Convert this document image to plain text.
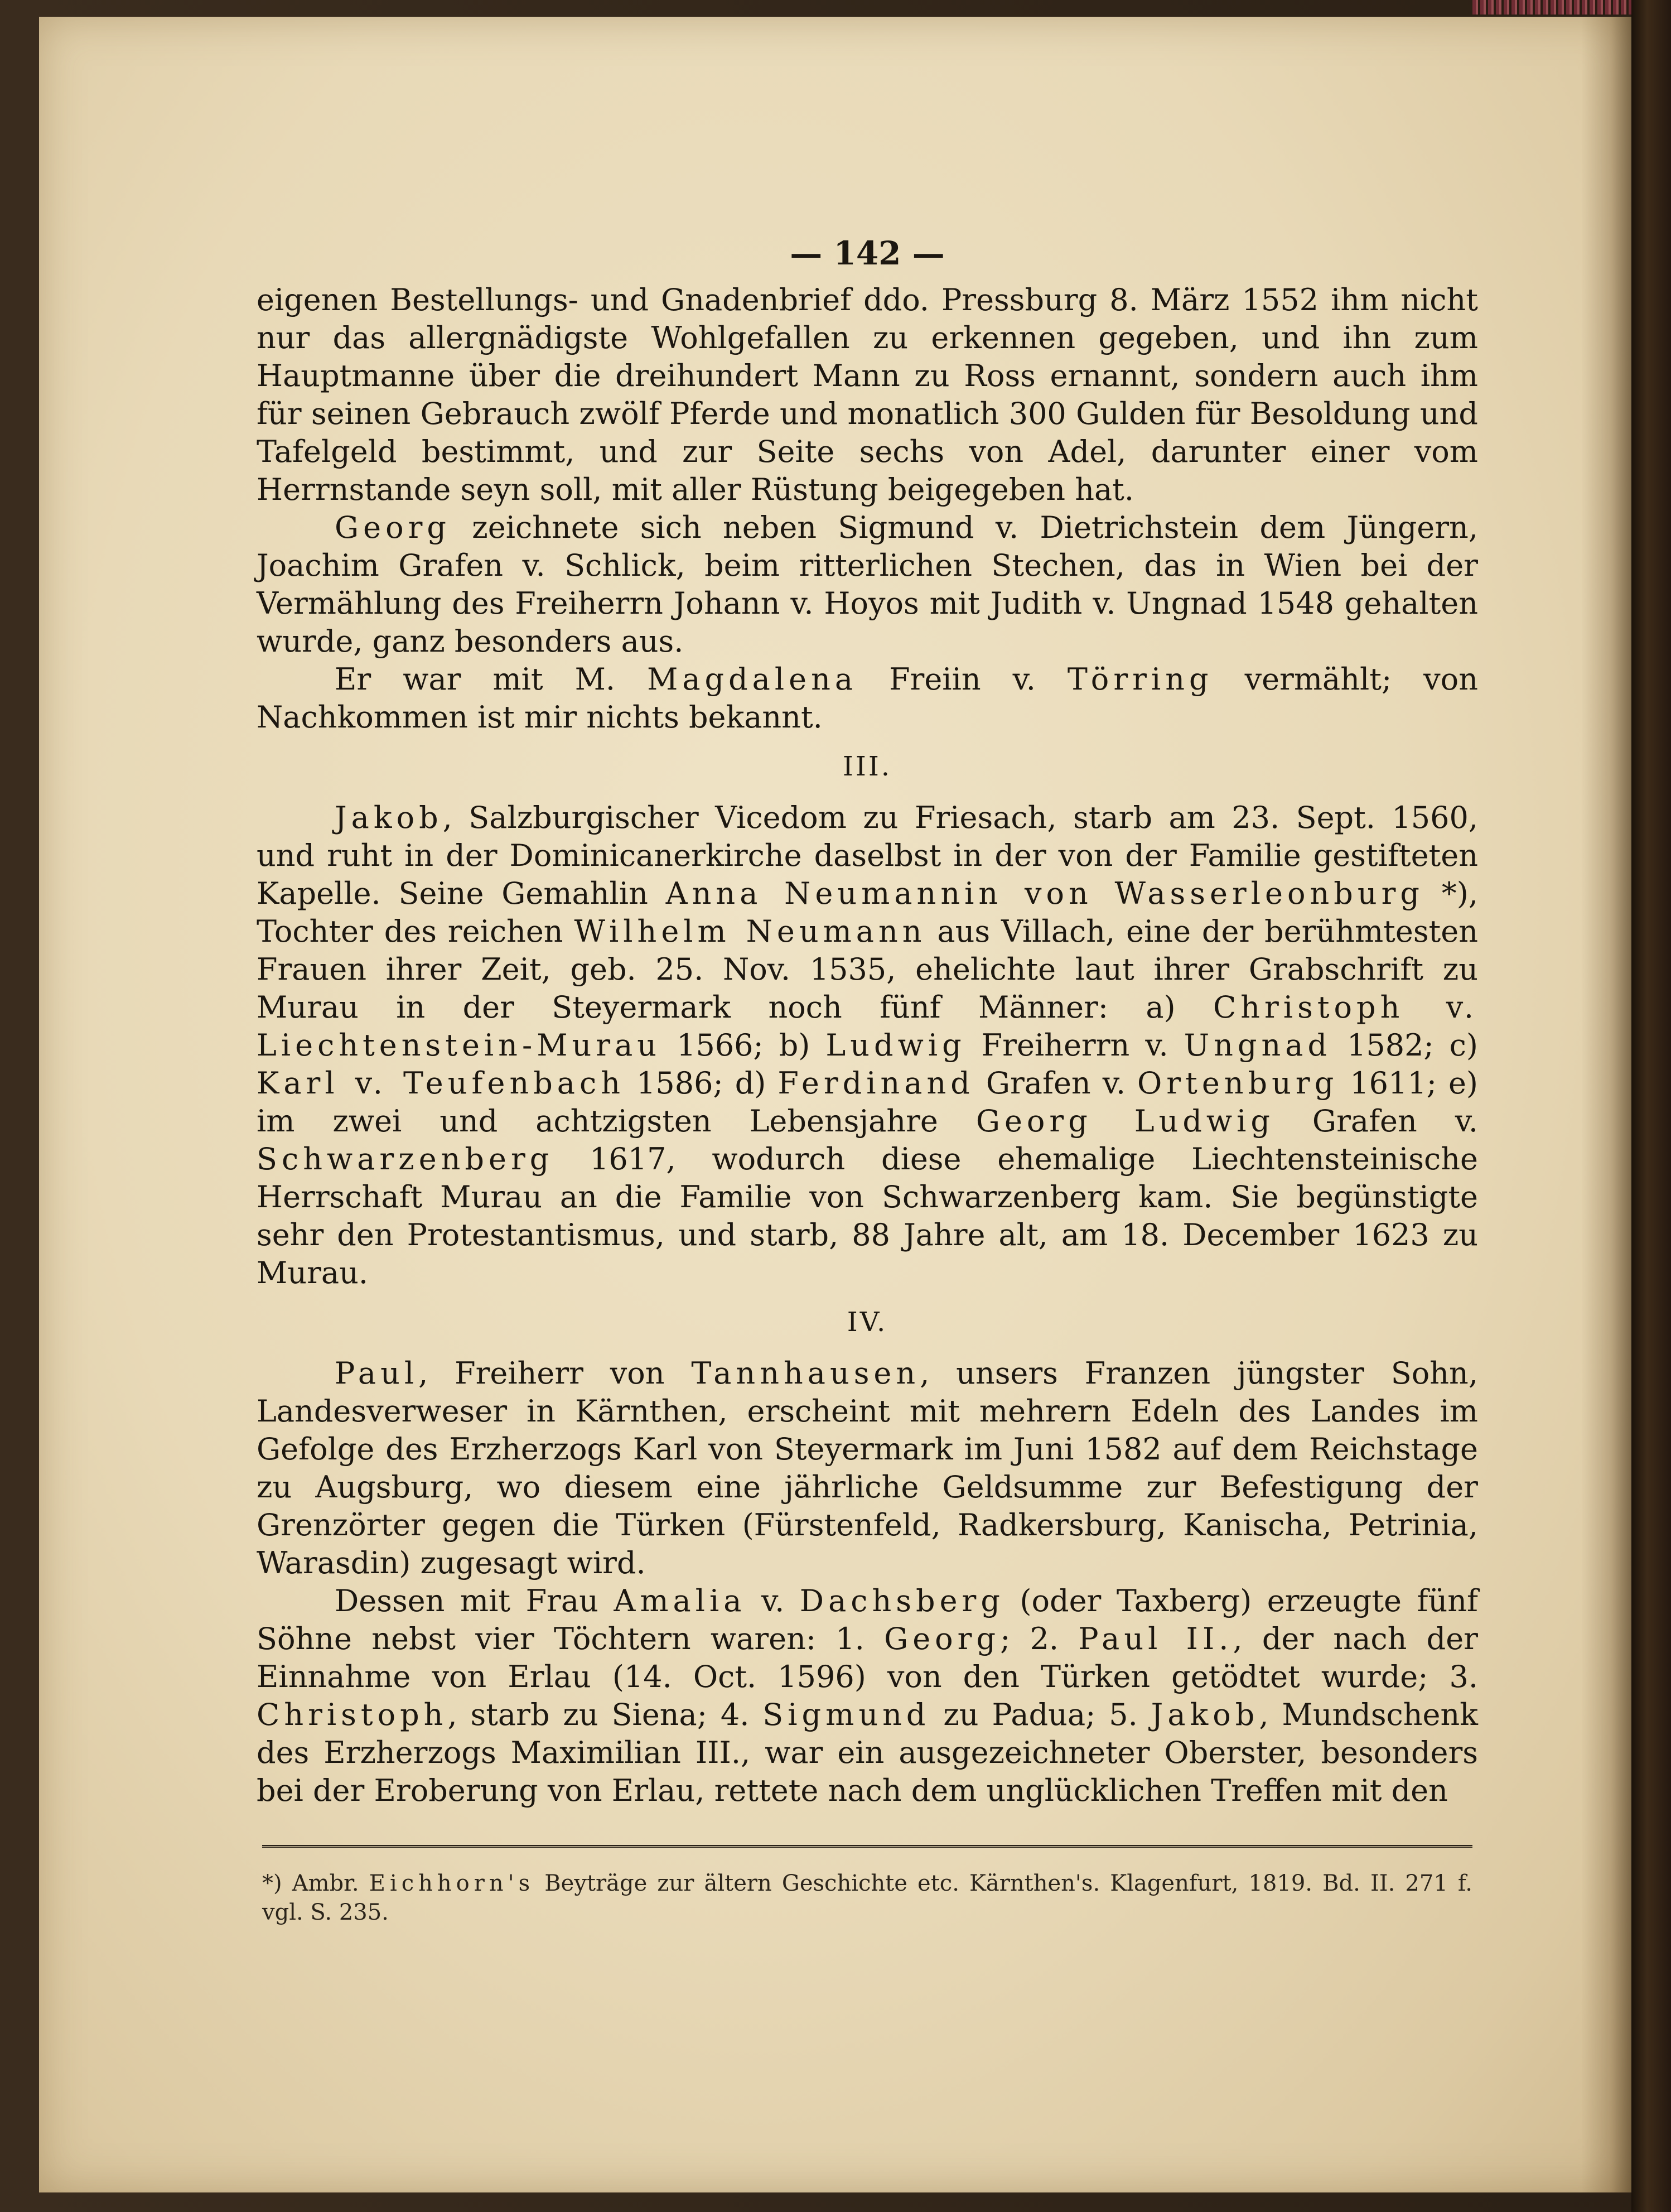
— 142 —

eigenen Bestellungs- und Gnadenbrief ddo. Pressburg 8. März 1552 ihm nicht nur das allergnädigste Wohlgefallen zu erkennen gegeben, und ihn zum Hauptmanne über die dreihundert Mann zu Ross ernannt, sondern auch ihm für seinen Gebrauch zwölf Pferde und monatlich 300 Gulden für Besoldung und Tafelgeld bestimmt, und zur Seite sechs von Adel, darunter einer vom Herrnstande seyn soll, mit aller Rüstung beigegeben hat.

Georg zeichnete sich neben Sigmund v. Dietrichstein dem Jüngern, Joachim Grafen v. Schlick, beim ritterlichen Stechen, das in Wien bei der Vermählung des Freiherrn Johann v. Hoyos mit Judith v. Ungnad 1548 gehalten wurde, ganz besonders aus.

Er war mit M. Magdalena Freiin v. Törring vermählt; von Nachkommen ist mir nichts bekannt.

III.

Jakob, Salzburgischer Vicedom zu Friesach, starb am 23. Sept. 1560, und ruht in der Dominicanerkirche daselbst in der von der Familie gestifteten Kapelle. Seine Gemahlin Anna Neumannin von Wasserleonburg *), Tochter des reichen Wilhelm Neumann aus Villach, eine der berühmtesten Frauen ihrer Zeit, geb. 25. Nov. 1535, ehelichte laut ihrer Grabschrift zu Murau in der Steyermark noch fünf Männer: a) Christoph v. Liechtenstein-Murau 1566; b) Ludwig Freiherrn v. Ungnad 1582; c) Karl v. Teufenbach 1586; d) Ferdinand Grafen v. Ortenburg 1611; e) im zwei und achtzigsten Lebensjahre Georg Ludwig Grafen v. Schwarzenberg 1617, wodurch diese ehemalige Liechtensteinische Herrschaft Murau an die Familie von Schwarzenberg kam. Sie begünstigte sehr den Protestantismus, und starb, 88 Jahre alt, am 18. December 1623 zu Murau.

IV.

Paul, Freiherr von Tannhausen, unsers Franzen jüngster Sohn, Landesverweser in Kärnthen, erscheint mit mehrern Edeln des Landes im Gefolge des Erzherzogs Karl von Steyermark im Juni 1582 auf dem Reichstage zu Augsburg, wo diesem eine jährliche Geldsumme zur Befestigung der Grenzörter gegen die Türken (Fürstenfeld, Radkersburg, Kanischa, Petrinia, Warasdin) zugesagt wird.

Dessen mit Frau Amalia v. Dachsberg (oder Taxberg) erzeugte fünf Söhne nebst vier Töchtern waren: 1. Georg; 2. Paul II., der nach der Einnahme von Erlau (14. Oct. 1596) von den Türken getödtet wurde; 3. Christoph, starb zu Siena; 4. Sigmund zu Padua; 5. Jakob, Mundschenk des Erzherzogs Maximilian III., war ein ausgezeichneter Oberster, besonders bei der Eroberung von Erlau, rettete nach dem unglücklichen Treffen mit den

*) Ambr. Eichhorn's Beyträge zur ältern Geschichte etc. Kärnthen's. Klagenfurt, 1819. Bd. II. 271 f. vgl. S. 235.
